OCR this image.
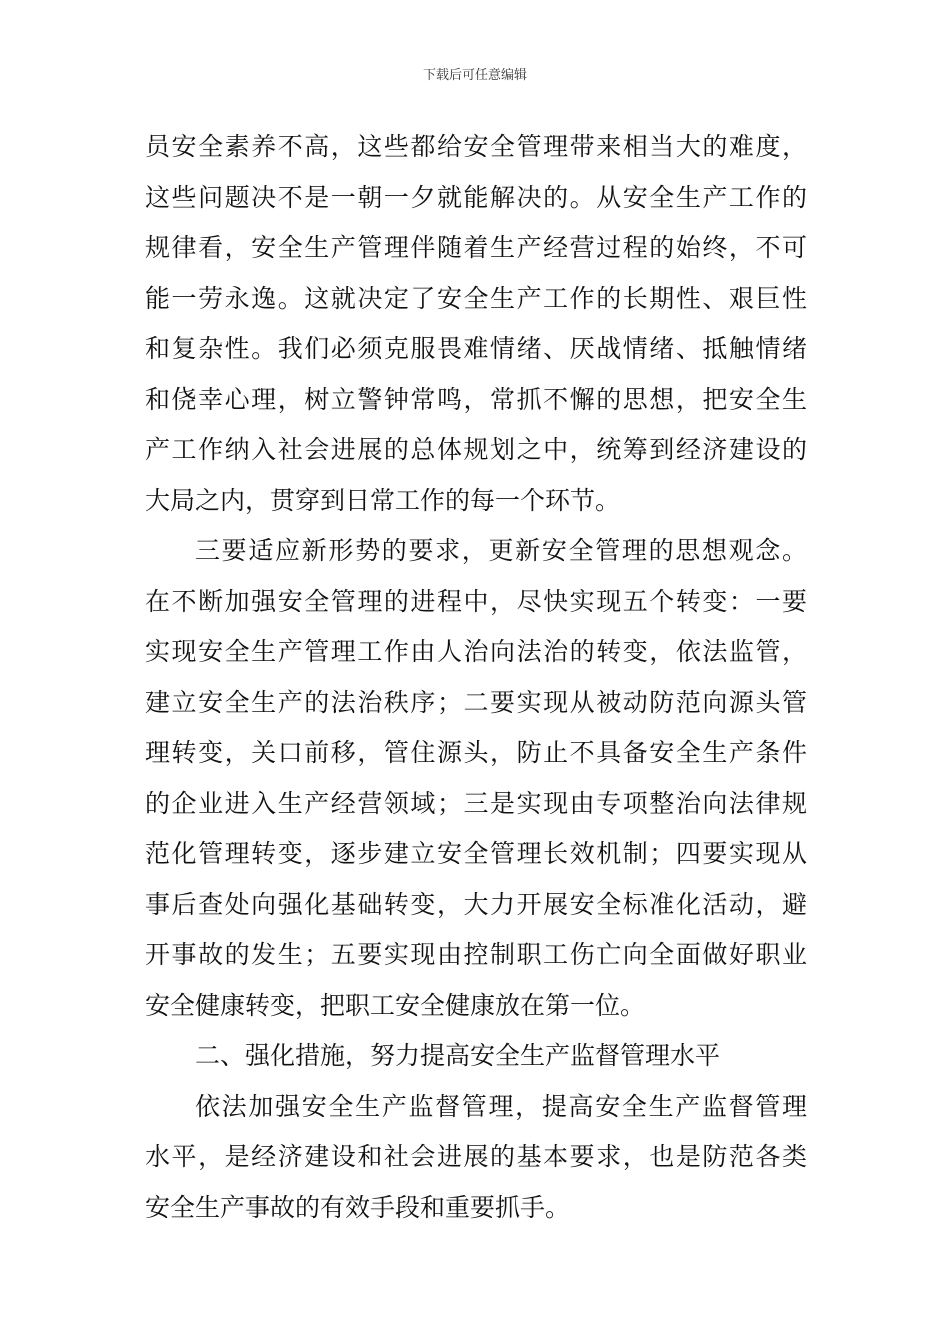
下载后可任意编辑
员安全素养不高，这些都给安全管理带来相当大的难度，
这些问题决不是一朝一夕就能解决的。从安全生产工作的
规律看，安全生产管理伴随着生产经营过程的始终，不可
能一劳永逸。这就决定了安全生产工作的长期性、艰巨性
和复杂性。我们必须克服畏难情绪、厌战情绪、抵触情绪
和侥幸心理，树立警钟常鸣，常抓不懈的思想，把安全生
产工作纳入社会进展的总体规划之中，统筹到经济建设的
大局之内，贯穿到日常工作的每一个环节。
三要适应新形势的要求，更新安全管理的思想观念。
在不断加强安全管理的进程中，尽快实现五个转变：一要
实现安全生产管理工作由人治向法治的转变，依法监管，
建立安全生产的法治秩序；二要实现从被动防范向源头管
理转变，关口前移，管住源头，防止不具备安全生产条件
的企业进入生产经营领域；三是实现由专项整治向法律规
范化管理转变，逐步建立安全管理长效机制；四要实现从
事后查处向强化基础转变，大力开展安全标准化活动，避
开事故的发生；五要实现由控制职工伤亡向全面做好职业
安全健康转变，把职工安全健康放在第一位。
二、强化措施，努力提高安全生产监督管理水平
依法加强安全生产监督管理，提高安全生产监督管理
水平，是经济建设和社会进展的基本要求，也是防范各类
安全生产事故的有效手段和重要抓手。
